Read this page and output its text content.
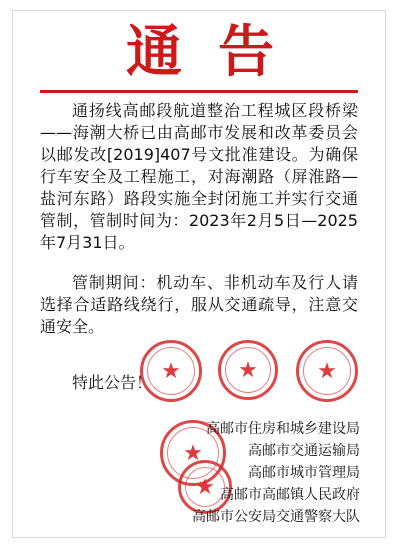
通告

通扬线高邮段航道整治工程城区段桥梁——海潮大桥已由高邮市发展和改革委员会以邮发改[2019]407号文批准建设。为确保行车安全及工程施工，对海潮路（屏淮路—盐河东路）路段实施全封闭施工并实行交通管制，管制时间为：2023年2月5日—2025年7月31日。

管制期间：机动车、非机动车及行人请选择合适路线绕行，服从交通疏导，注意交通安全。

特此公告！ ★	★	★
★
★
高邮市住房和城乡建设局
高邮市交通运输局
高邮市城市管理局
高邮市高邮镇人民政府
高邮市公安局交通警察大队
